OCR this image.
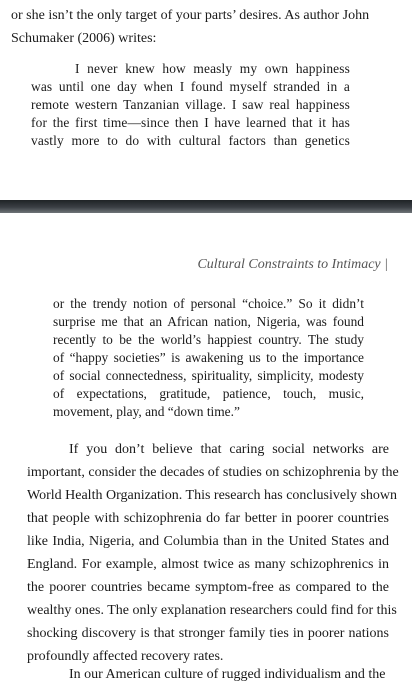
or she isn’t the only target of your parts’ desires. As author John
Schumaker (2006) writes:

I never knew how measly my own happiness
was until one day when I found myself stranded in a
remote western Tanzanian village. I saw real happiness
for the first time—since then I have learned that it has
vastly more to do with cultural factors than genetics
Cultural Constraints to Intimacy |
or the trendy notion of personal “choice.” So it didn’t
surprise me that an African nation, Nigeria, was found
recently to be the world’s happiest country. The study
of “happy societies” is awakening us to the importance
of social connectedness, spirituality, simplicity, modesty
of expectations, gratitude, patience, touch, music,
movement, play, and “down time.”
If you don’t believe that caring social networks are
important, consider the decades of studies on schizophrenia by the
World Health Organization. This research has conclusively shown
that people with schizophrenia do far better in poorer countries
like India, Nigeria, and Columbia than in the United States and
England. For example, almost twice as many schizophrenics in
the poorer countries became symptom-free as compared to the
wealthy ones. The only explanation researchers could find for this
shocking discovery is that stronger family ties in poorer nations
profoundly affected recovery rates.
In our American culture of rugged individualism and the
